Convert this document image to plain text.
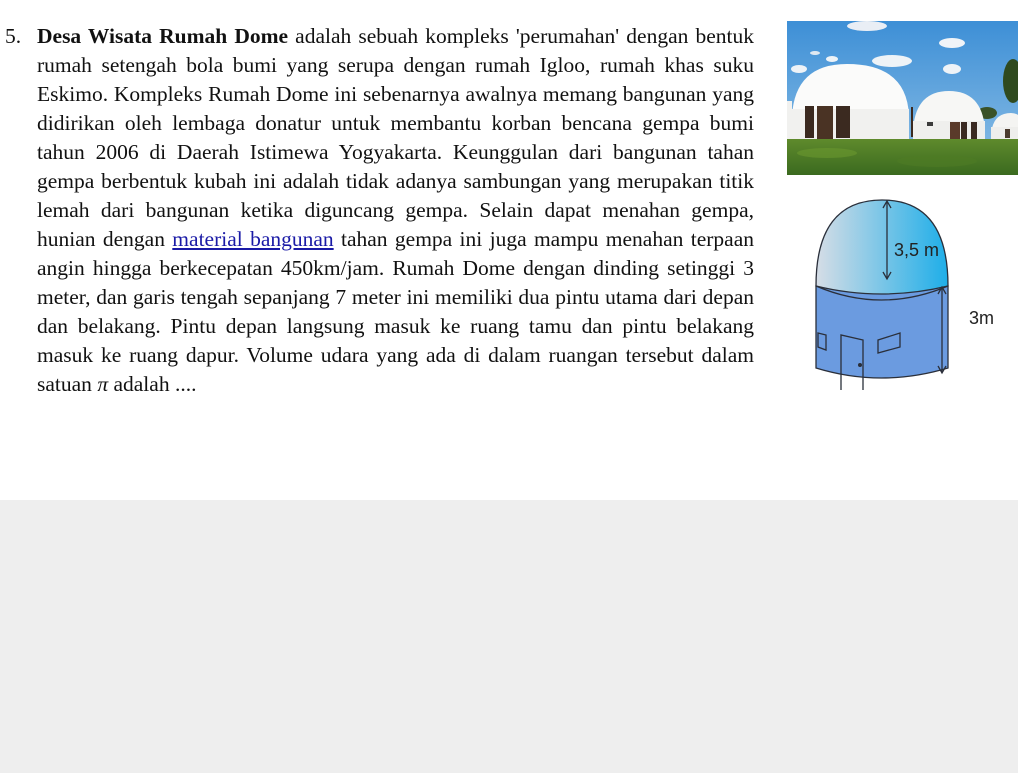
5. Desa Wisata Rumah Dome adalah sebuah kompleks 'perumahan' dengan bentuk rumah setengah bola bumi yang serupa dengan rumah Igloo, rumah khas suku Eskimo. Kompleks Rumah Dome ini sebenarnya awalnya memang bangunan yang didirikan oleh lembaga donatur untuk membantu korban bencana gempa bumi tahun 2006 di Daerah Istimewa Yogyakarta. Keunggulan dari bangunan tahan gempa berbentuk kubah ini adalah tidak adanya sambungan yang merupakan titik lemah dari bangunan ketika diguncang gempa. Selain dapat menahan gempa, hunian dengan material bangunan tahan gempa ini juga mampu menahan terpaan angin hingga berkecepatan 450km/jam. Rumah Dome dengan dinding setinggi 3 meter, dan garis tengah sepanjang 7 meter ini memiliki dua pintu utama dari depan dan belakang. Pintu depan langsung masuk ke ruang tamu dan pintu belakang masuk ke ruang dapur. Volume udara yang ada di dalam ruangan tersebut dalam satuan π adalah ....
3,5 m
3m
